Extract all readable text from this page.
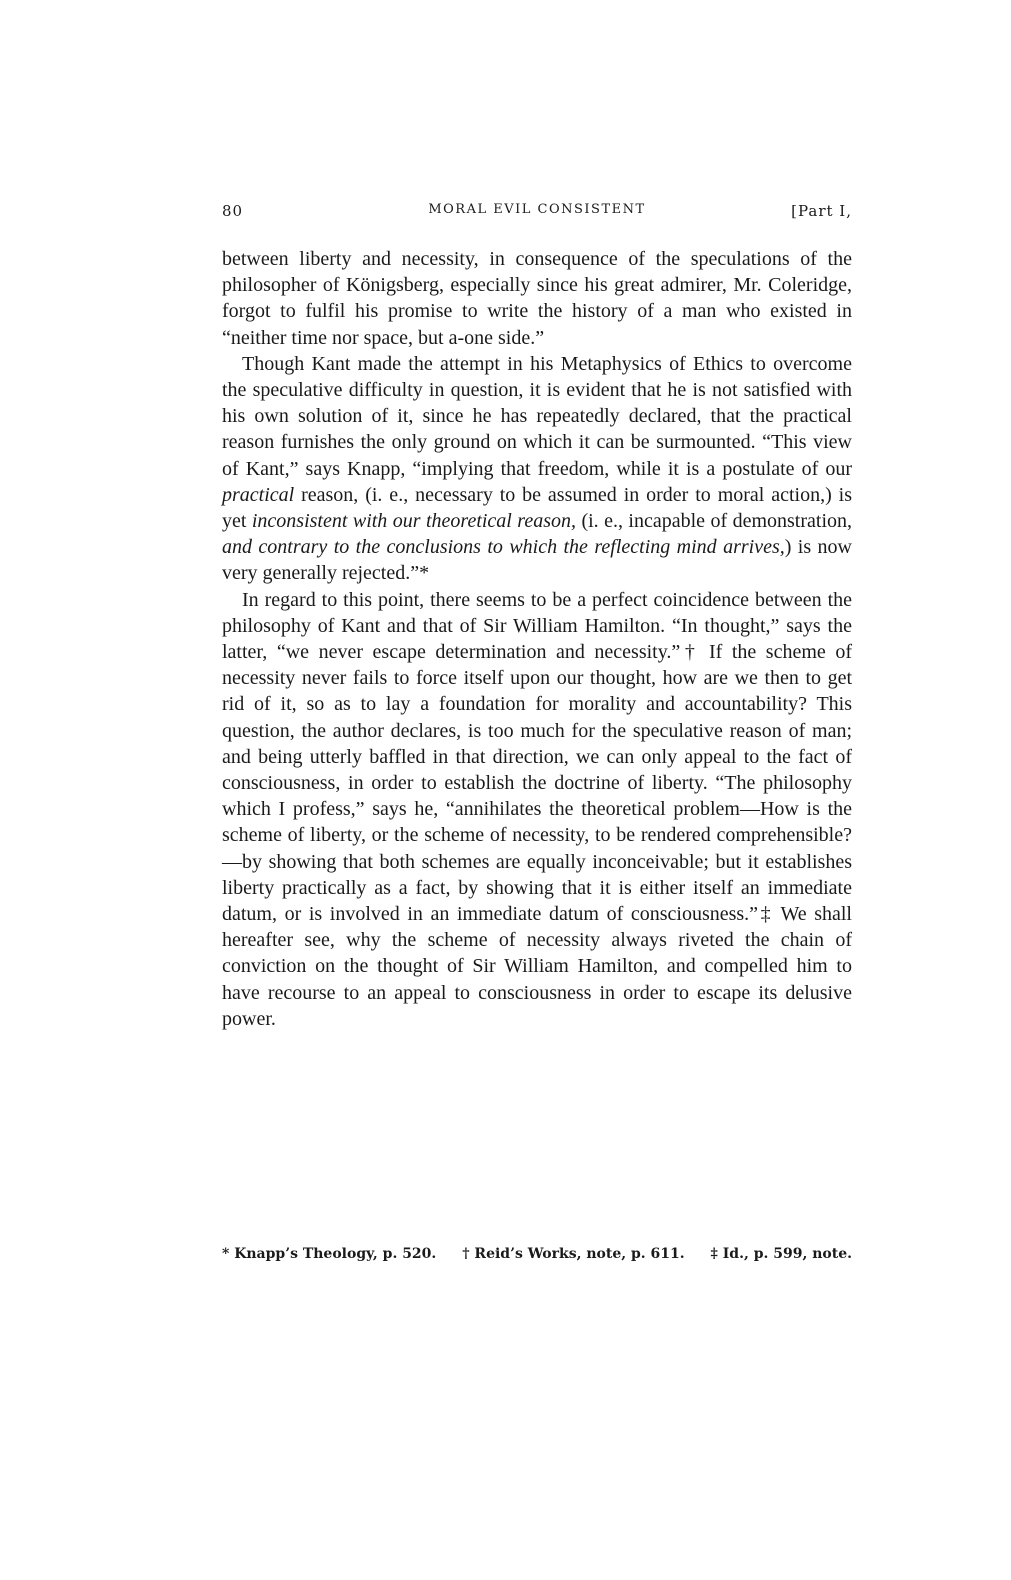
80	MORAL EVIL CONSISTENT	[Part I,

between liberty and necessity, in consequence of the speculations of the philosopher of Königsberg, especially since his great admirer, Mr. Coleridge, forgot to fulfil his promise to write the history of a man who existed in “neither time nor space, but a-one side.”

Though Kant made the attempt in his Metaphysics of Ethics to overcome the speculative difficulty in question, it is evident that he is not satisfied with his own solution of it, since he has repeatedly declared, that the practical reason furnishes the only ground on which it can be surmounted. “This view of Kant,” says Knapp, “implying that freedom, while it is a postulate of our practical reason, (i. e., necessary to be assumed in order to moral action,) is yet inconsistent with our theoretical reason, (i. e., incapable of demonstration, and contrary to the conclusions to which the reflecting mind arrives,) is now very generally rejected.”*

In regard to this point, there seems to be a perfect coincidence between the philosophy of Kant and that of Sir William Hamilton. “In thought,” says the latter, “we never escape determination and necessity.”† If the scheme of necessity never fails to force itself upon our thought, how are we then to get rid of it, so as to lay a foundation for morality and accountability? This question, the author declares, is too much for the speculative reason of man; and being utterly baffled in that direction, we can only appeal to the fact of consciousness, in order to establish the doctrine of liberty. “The philosophy which I profess,” says he, “annihilates the theoretical problem—How is the scheme of liberty, or the scheme of necessity, to be rendered comprehensible?—by showing that both schemes are equally inconceivable; but it establishes liberty practically as a fact, by showing that it is either itself an immediate datum, or is involved in an immediate datum of consciousness.”‡ We shall hereafter see, why the scheme of necessity always riveted the chain of conviction on the thought of Sir William Hamilton, and compelled him to have recourse to an appeal to consciousness in order to escape its delusive power.

* Knapp’s Theology, p. 520. † Reid’s Works, note, p. 611. ‡ Id., p. 599, note.
